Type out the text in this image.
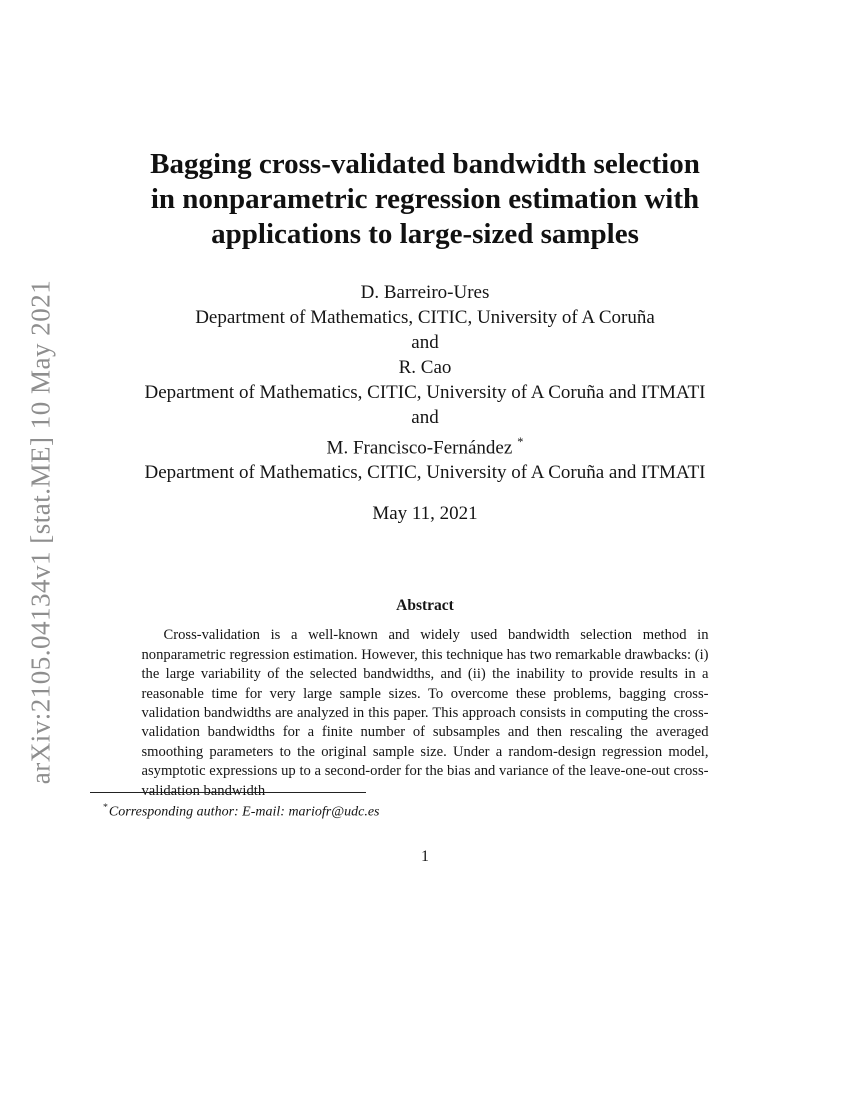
arXiv:2105.04134v1 [stat.ME] 10 May 2021
Bagging cross-validated bandwidth selection
in nonparametric regression estimation with
applications to large-sized samples
D. Barreiro-Ures
Department of Mathematics, CITIC, University of A Coruña
and
R. Cao
Department of Mathematics, CITIC, University of A Coruña and ITMATI
and
M. Francisco-Fernández *
Department of Mathematics, CITIC, University of A Coruña and ITMATI
May 11, 2021
Abstract
Cross-validation is a well-known and widely used bandwidth selection method in nonparametric regression estimation. However, this technique has two remarkable drawbacks: (i) the large variability of the selected bandwidths, and (ii) the inability to provide results in a reasonable time for very large sample sizes. To overcome these problems, bagging cross-validation bandwidths are analyzed in this paper. This approach consists in computing the cross-validation bandwidths for a finite number of subsamples and then rescaling the averaged smoothing parameters to the original sample size. Under a random-design regression model, asymptotic expressions up to a second-order for the bias and variance of the leave-one-out cross-validation bandwidth
*Corresponding author: E-mail: mariofr@udc.es
1
